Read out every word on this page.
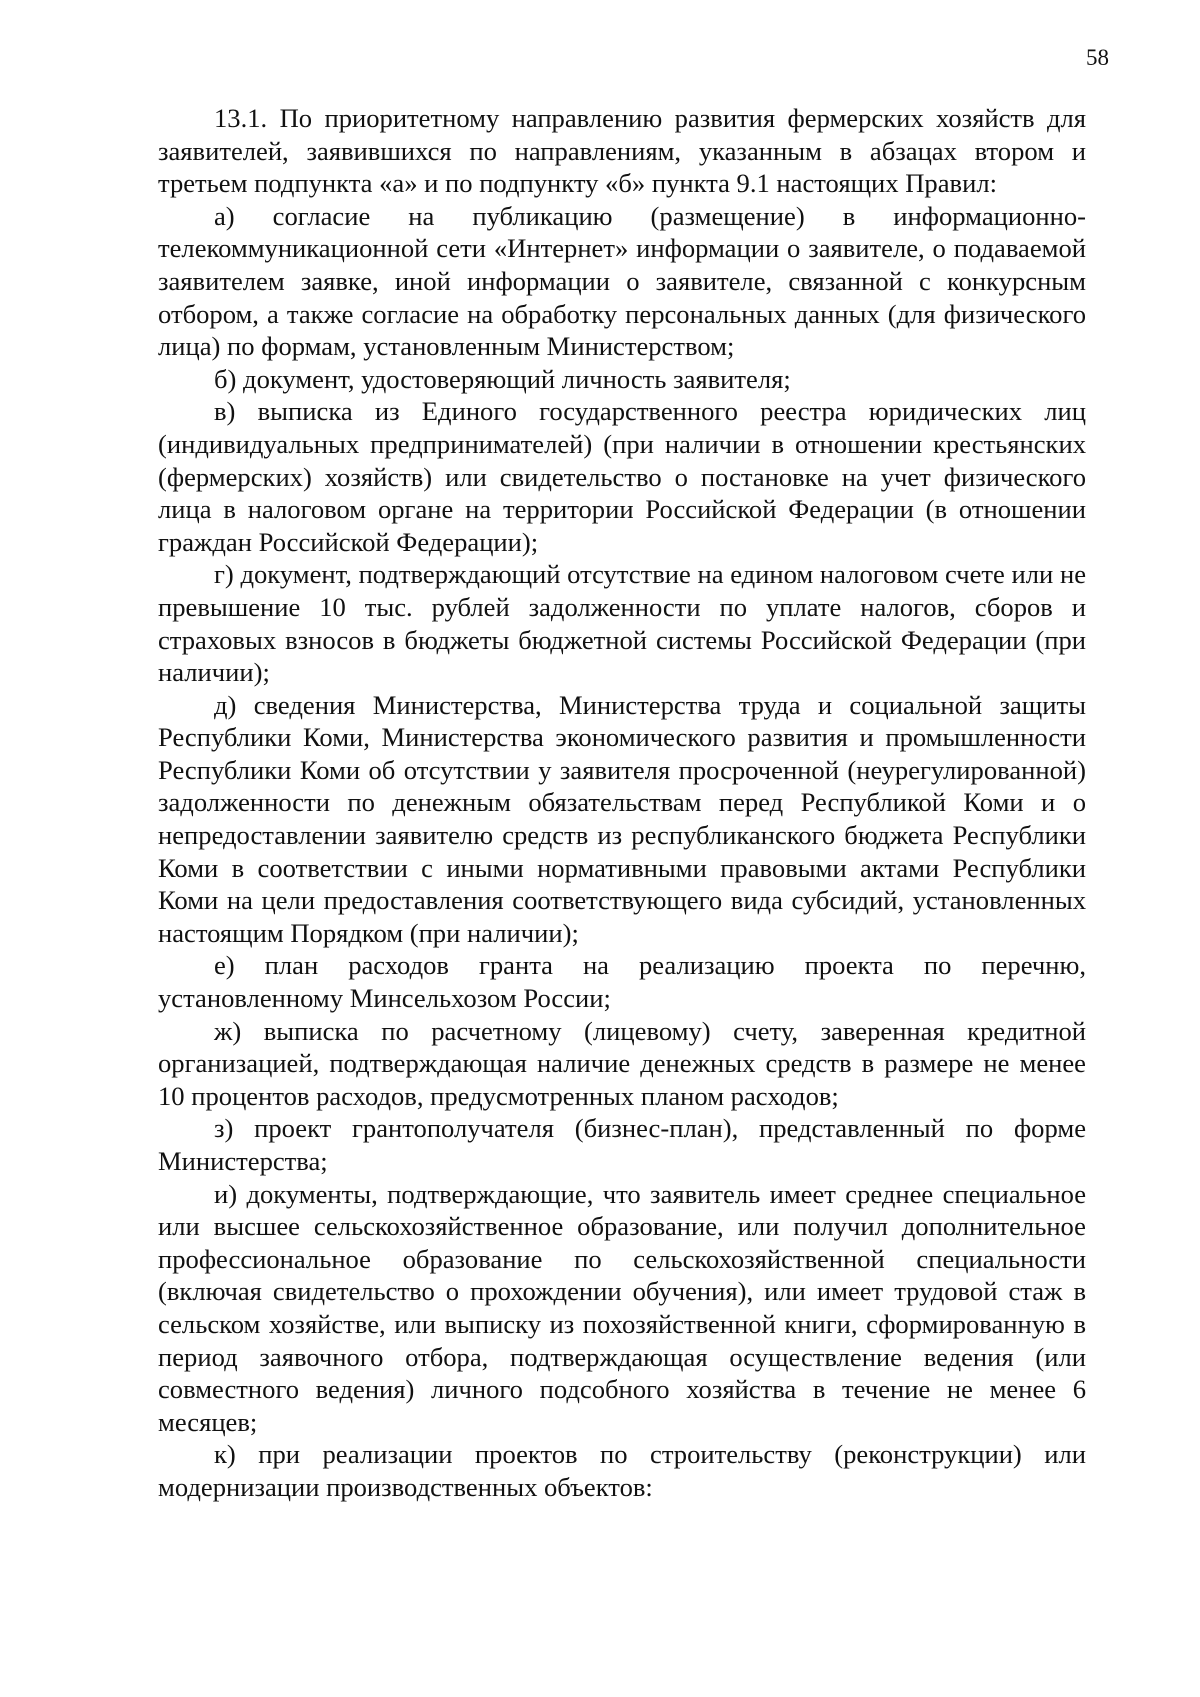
58

13.1. По приоритетному направлению развития фермерских хозяйств для заявителей, заявившихся по направлениям, указанным в абзацах втором и третьем подпункта «а» и по подпункту «б» пункта 9.1 настоящих Правил:

а) согласие на публикацию (размещение) в информационно-телекоммуникационной сети «Интернет» информации о заявителе, о подаваемой заявителем заявке, иной информации о заявителе, связанной с конкурсным отбором, а также согласие на обработку персональных данных (для физического лица) по формам, установленным Министерством;

б) документ, удостоверяющий личность заявителя;

в) выписка из Единого государственного реестра юридических лиц (индивидуальных предпринимателей) (при наличии в отношении крестьянских (фермерских) хозяйств) или свидетельство о постановке на учет физического лица в налоговом органе на территории Российской Федерации (в отношении граждан Российской Федерации);

г) документ, подтверждающий отсутствие на едином налоговом счете или не превышение 10 тыс. рублей задолженности по уплате налогов, сборов и страховых взносов в бюджеты бюджетной системы Российской Федерации (при наличии);

д) сведения Министерства, Министерства труда и социальной защиты Республики Коми, Министерства экономического развития и промышленности Республики Коми об отсутствии у заявителя просроченной (неурегулированной) задолженности по денежным обязательствам перед Республикой Коми и о непредоставлении заявителю средств из республиканского бюджета Республики Коми в соответствии с иными нормативными правовыми актами Республики Коми на цели предоставления соответствующего вида субсидий, установленных настоящим Порядком (при наличии);

е) план расходов гранта на реализацию проекта по перечню, установленному Минсельхозом России;

ж) выписка по расчетному (лицевому) счету, заверенная кредитной организацией, подтверждающая наличие денежных средств в размере не менее 10 процентов расходов, предусмотренных планом расходов;

з) проект грантополучателя (бизнес-план), представленный по форме Министерства;

и) документы, подтверждающие, что заявитель имеет среднее специальное или высшее сельскохозяйственное образование, или получил дополнительное профессиональное образование по сельскохозяйственной специальности (включая свидетельство о прохождении обучения), или имеет трудовой стаж в сельском хозяйстве, или выписку из похозяйственной книги, сформированную в период заявочного отбора, подтверждающая осуществление ведения (или совместного ведения) личного подсобного хозяйства в течение не менее 6 месяцев;

к) при реализации проектов по строительству (реконструкции) или модернизации производственных объектов:
